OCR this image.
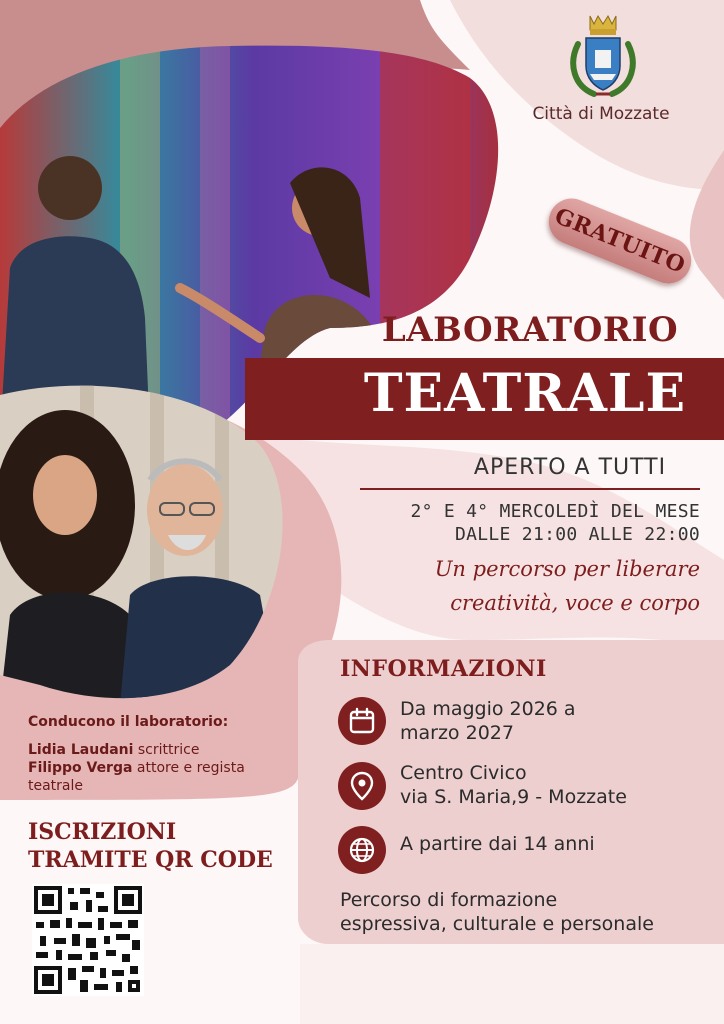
Città di Mozzate
GRATUITO
LABORATORIO
TEATRALE
APERTO A TUTTI
2° E 4° MERCOLEDÌ DEL MESE
DALLE 21:00 ALLE 22:00
Un percorso per liberare
creatività, voce e corpo
Conducono il laboratorio:
Lidia Laudani scrittrice
Filippo Verga attore e regista teatrale
ISCRIZIONI
TRAMITE QR CODE
INFORMAZIONI
Da maggio 2026 a
marzo 2027
Centro Civico
via S. Maria,9 - Mozzate
A partire dai 14 anni
Percorso di formazione
espressiva, culturale e personale
